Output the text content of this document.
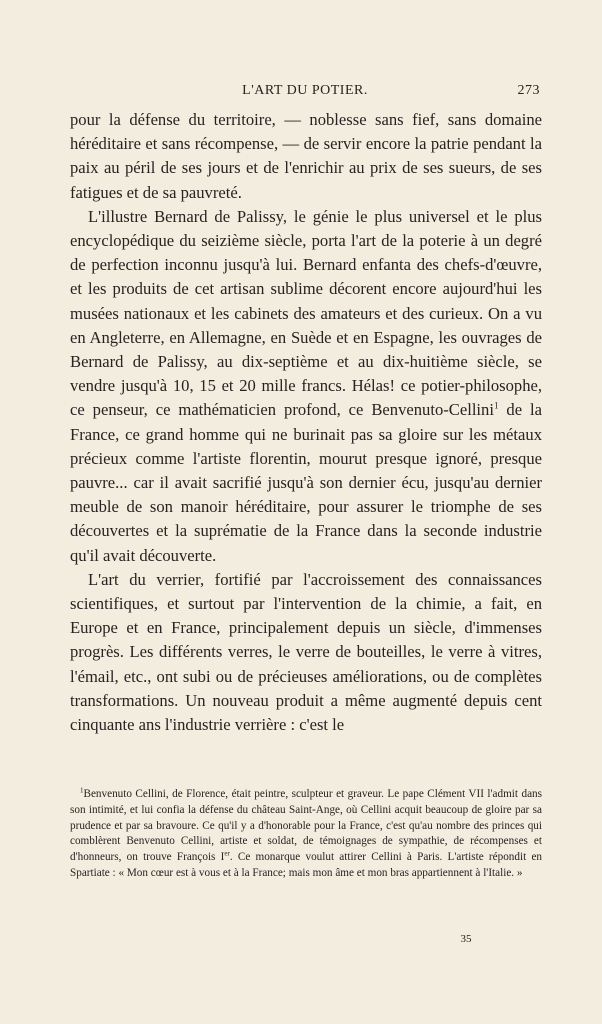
L'ART DU POTIER.	273

pour la défense du territoire, — noblesse sans fief, sans domaine héréditaire et sans récompense, — de servir encore la patrie pendant la paix au péril de ses jours et de l'enrichir au prix de ses sueurs, de ses fatigues et de sa pauvreté.

L'illustre Bernard de Palissy, le génie le plus universel et le plus encyclopédique du seizième siècle, porta l'art de la poterie à un degré de perfection inconnu jusqu'à lui. Bernard enfanta des chefs-d'œuvre, et les produits de cet artisan sublime décorent encore aujourd'hui les musées nationaux et les cabinets des amateurs et des curieux. On a vu en Angleterre, en Allemagne, en Suède et en Espagne, les ouvrages de Bernard de Palissy, au dix-septième et au dix-huitième siècle, se vendre jusqu'à 10, 15 et 20 mille francs. Hélas! ce potier-philosophe, ce penseur, ce mathématicien profond, ce Benvenuto-Cellini$^1$ de la France, ce grand homme qui ne burinait pas sa gloire sur les métaux précieux comme l'artiste florentin, mourut presque ignoré, presque pauvre... car il avait sacrifié jusqu'à son dernier écu, jusqu'au dernier meuble de son manoir héréditaire, pour assurer le triomphe de ses découvertes et la suprématie de la France dans la seconde industrie qu'il avait découverte.

L'art du verrier, fortifié par l'accroissement des connaissances scientifiques, et surtout par l'intervention de la chimie, a fait, en Europe et en France, principalement depuis un siècle, d'immenses progrès. Les différents verres, le verre de bouteilles, le verre à vitres, l'émail, etc., ont subi ou de précieuses améliorations, ou de complètes transformations. Un nouveau produit a même augmenté depuis cent cinquante ans l'industrie verrière : c'est le

$^1$Benvenuto Cellini, de Florence, était peintre, sculpteur et graveur. Le pape Clément VII l'admit dans son intimité, et lui confia la défense du château Saint-Ange, où Cellini acquit beaucoup de gloire par sa prudence et par sa bravoure. Ce qu'il y a d'honorable pour la France, c'est qu'au nombre des princes qui comblèrent Benvenuto Cellini, artiste et soldat, de témoignages de sympathie, de récompenses et d'honneurs, on trouve François Ier. Ce monarque voulut attirer Cellini à Paris. L'artiste répondit en Spartiate : « Mon cœur est à vous et à la France; mais mon âme et mon bras appartiennent à l'Italie. »

35
